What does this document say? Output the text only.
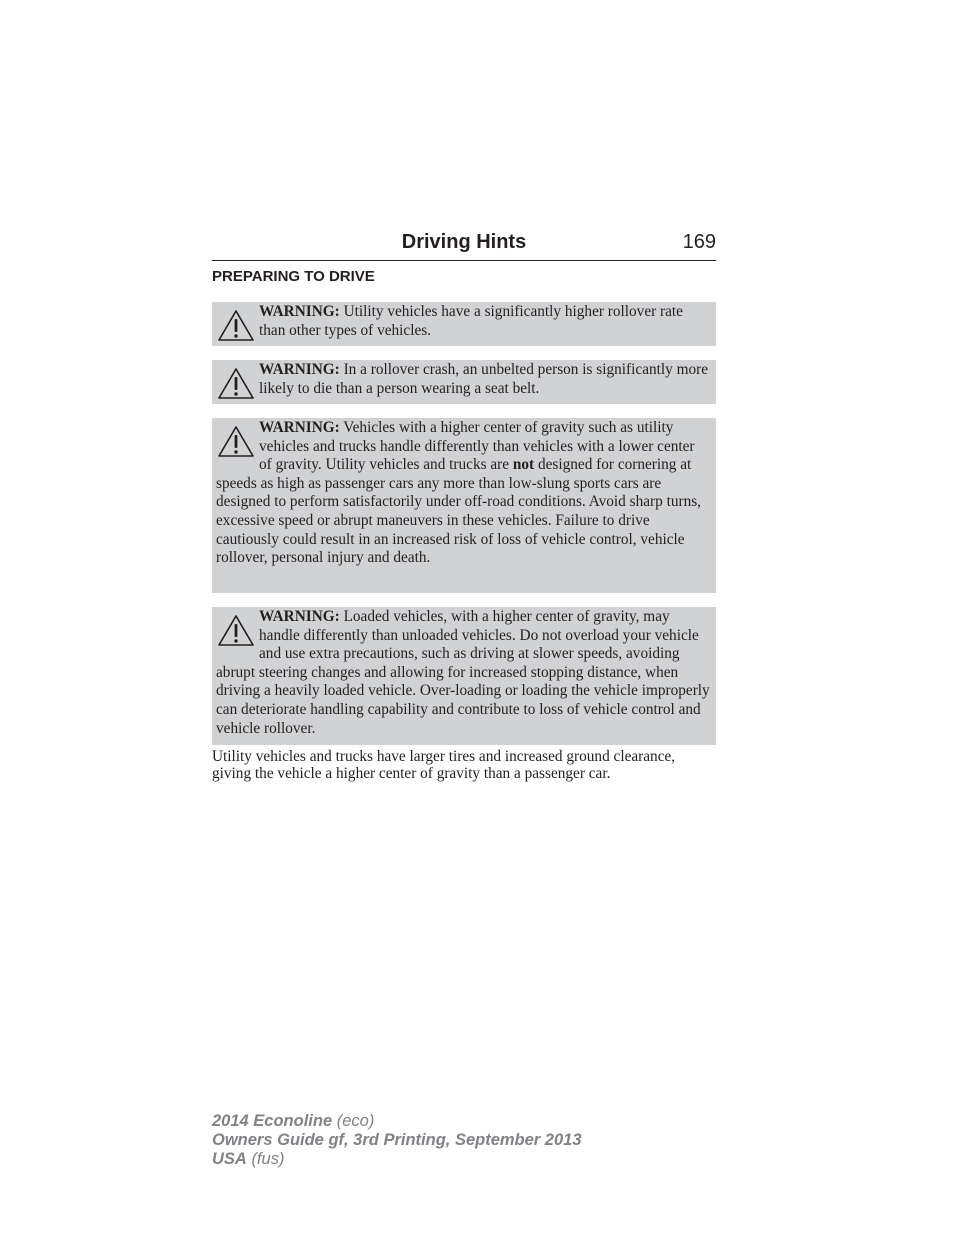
Driving Hints	169
PREPARING TO DRIVE
WARNING: Utility vehicles have a significantly higher rollover rate than other types of vehicles.
WARNING: In a rollover crash, an unbelted person is significantly more likely to die than a person wearing a seat belt.
WARNING: Vehicles with a higher center of gravity such as utility vehicles and trucks handle differently than vehicles with a lower center of gravity. Utility vehicles and trucks are not designed for cornering at speeds as high as passenger cars any more than low-slung sports cars are designed to perform satisfactorily under off-road conditions. Avoid sharp turns, excessive speed or abrupt maneuvers in these vehicles. Failure to drive cautiously could result in an increased risk of loss of vehicle control, vehicle rollover, personal injury and death.
WARNING: Loaded vehicles, with a higher center of gravity, may handle differently than unloaded vehicles. Do not overload your vehicle and use extra precautions, such as driving at slower speeds, avoiding abrupt steering changes and allowing for increased stopping distance, when driving a heavily loaded vehicle. Over-loading or loading the vehicle improperly can deteriorate handling capability and contribute to loss of vehicle control and vehicle rollover.
Utility vehicles and trucks have larger tires and increased ground clearance, giving the vehicle a higher center of gravity than a passenger car.
2014 Econoline (eco)
Owners Guide gf, 3rd Printing, September 2013
USA (fus)
